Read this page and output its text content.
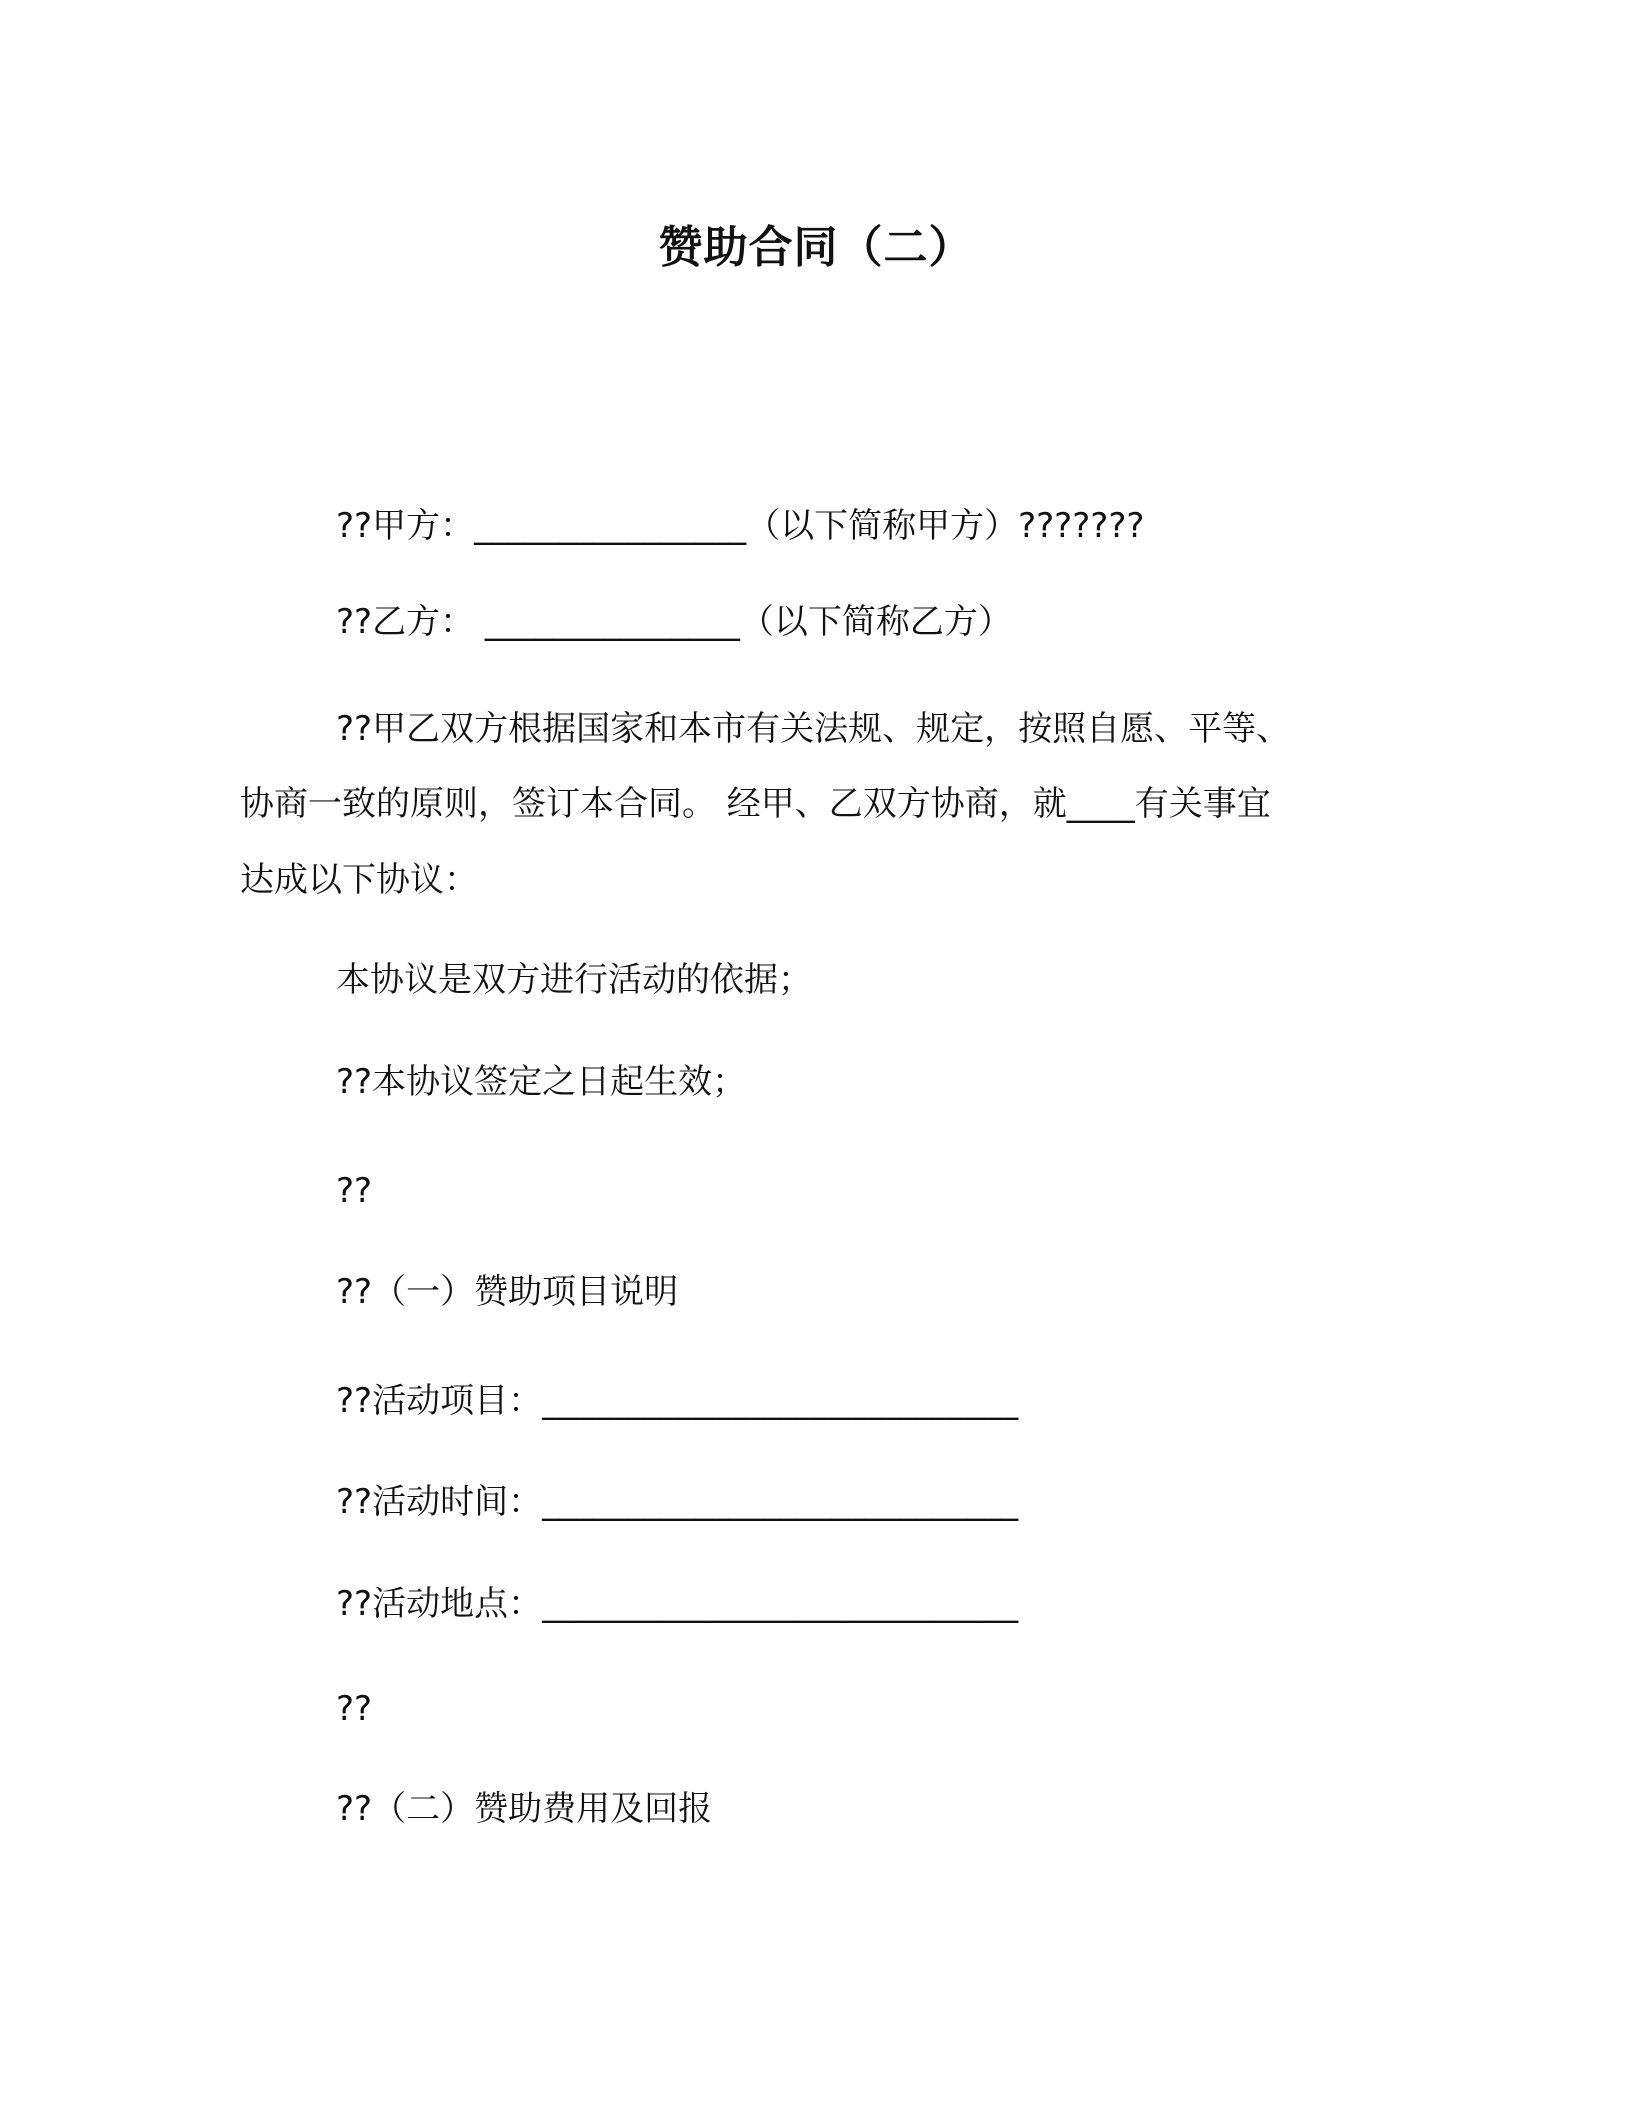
赞助合同（二）
??甲方：________________（以下简称甲方）???????
??乙方： _______________（以下简称乙方）
??甲乙双方根据国家和本市有关法规、规定，按照自愿、平等、
协商一致的原则，签订本合同。 经甲、乙双方协商，就____有关事宜
达成以下协议：
本协议是双方进行活动的依据；
??本协议签定之日起生效；
??
??（一）赞助项目说明
??活动项目：____________________________
??活动时间：____________________________
??活动地点：____________________________
??
??（二）赞助费用及回报
